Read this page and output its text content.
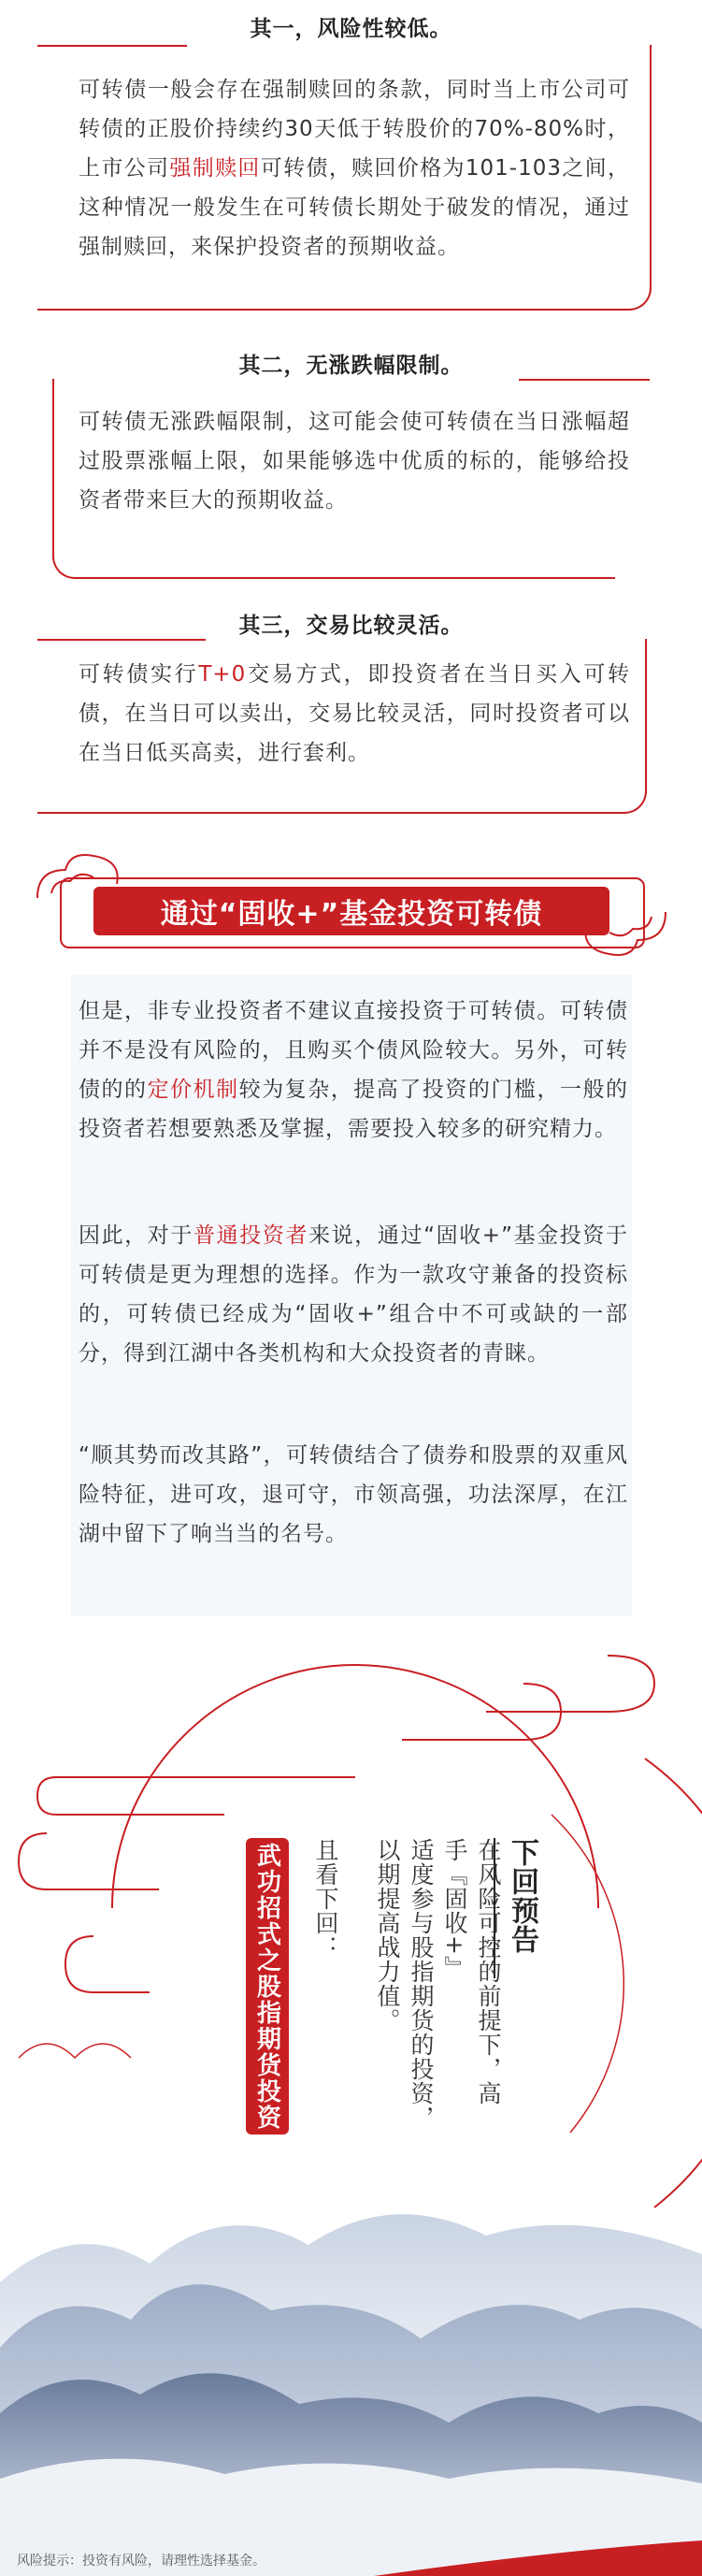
其一，风险性较低。
可转债一般会存在强制赎回的条款，同时当上市公司可转债的正股价持续约30天低于转股价的70%-80%时，上市公司强制赎回可转债，赎回价格为101-103之间，这种情况一般发生在可转债长期处于破发的情况，通过强制赎回，来保护投资者的预期收益。
其二，无涨跌幅限制。
可转债无涨跌幅限制，这可能会使可转债在当日涨幅超过股票涨幅上限，如果能够选中优质的标的，能够给投资者带来巨大的预期收益。
其三，交易比较灵活。
可转债实行T+0交易方式，即投资者在当日买入可转债，在当日可以卖出，交易比较灵活，同时投资者可以在当日低买高卖，进行套利。
通过“固收+”基金投资可转债
但是，非专业投资者不建议直接投资于可转债。可转债并不是没有风险的，且购买个债风险较大。另外，可转债的的定价机制较为复杂，提高了投资的门槛，一般的投资者若想要熟悉及掌握，需要投入较多的研究精力。
因此，对于普通投资者来说，通过“固收+”基金投资于可转债是更为理想的选择。作为一款攻守兼备的投资标的，可转债已经成为“固收+”组合中不可或缺的一部分，得到江湖中各类机构和大众投资者的青睐。
“顺其势而改其路”，可转债结合了债券和股票的双重风险特征，进可攻，退可守，市领高强，功法深厚，在江湖中留下了响当当的名号。
下回预告
在风险可控的前提下，高手『固收+』
适度参与股指期货的投资，
以期提高战力值。
且看下回：
武功招式之股指期货投资
风险提示：投资有风险，请理性选择基金。
